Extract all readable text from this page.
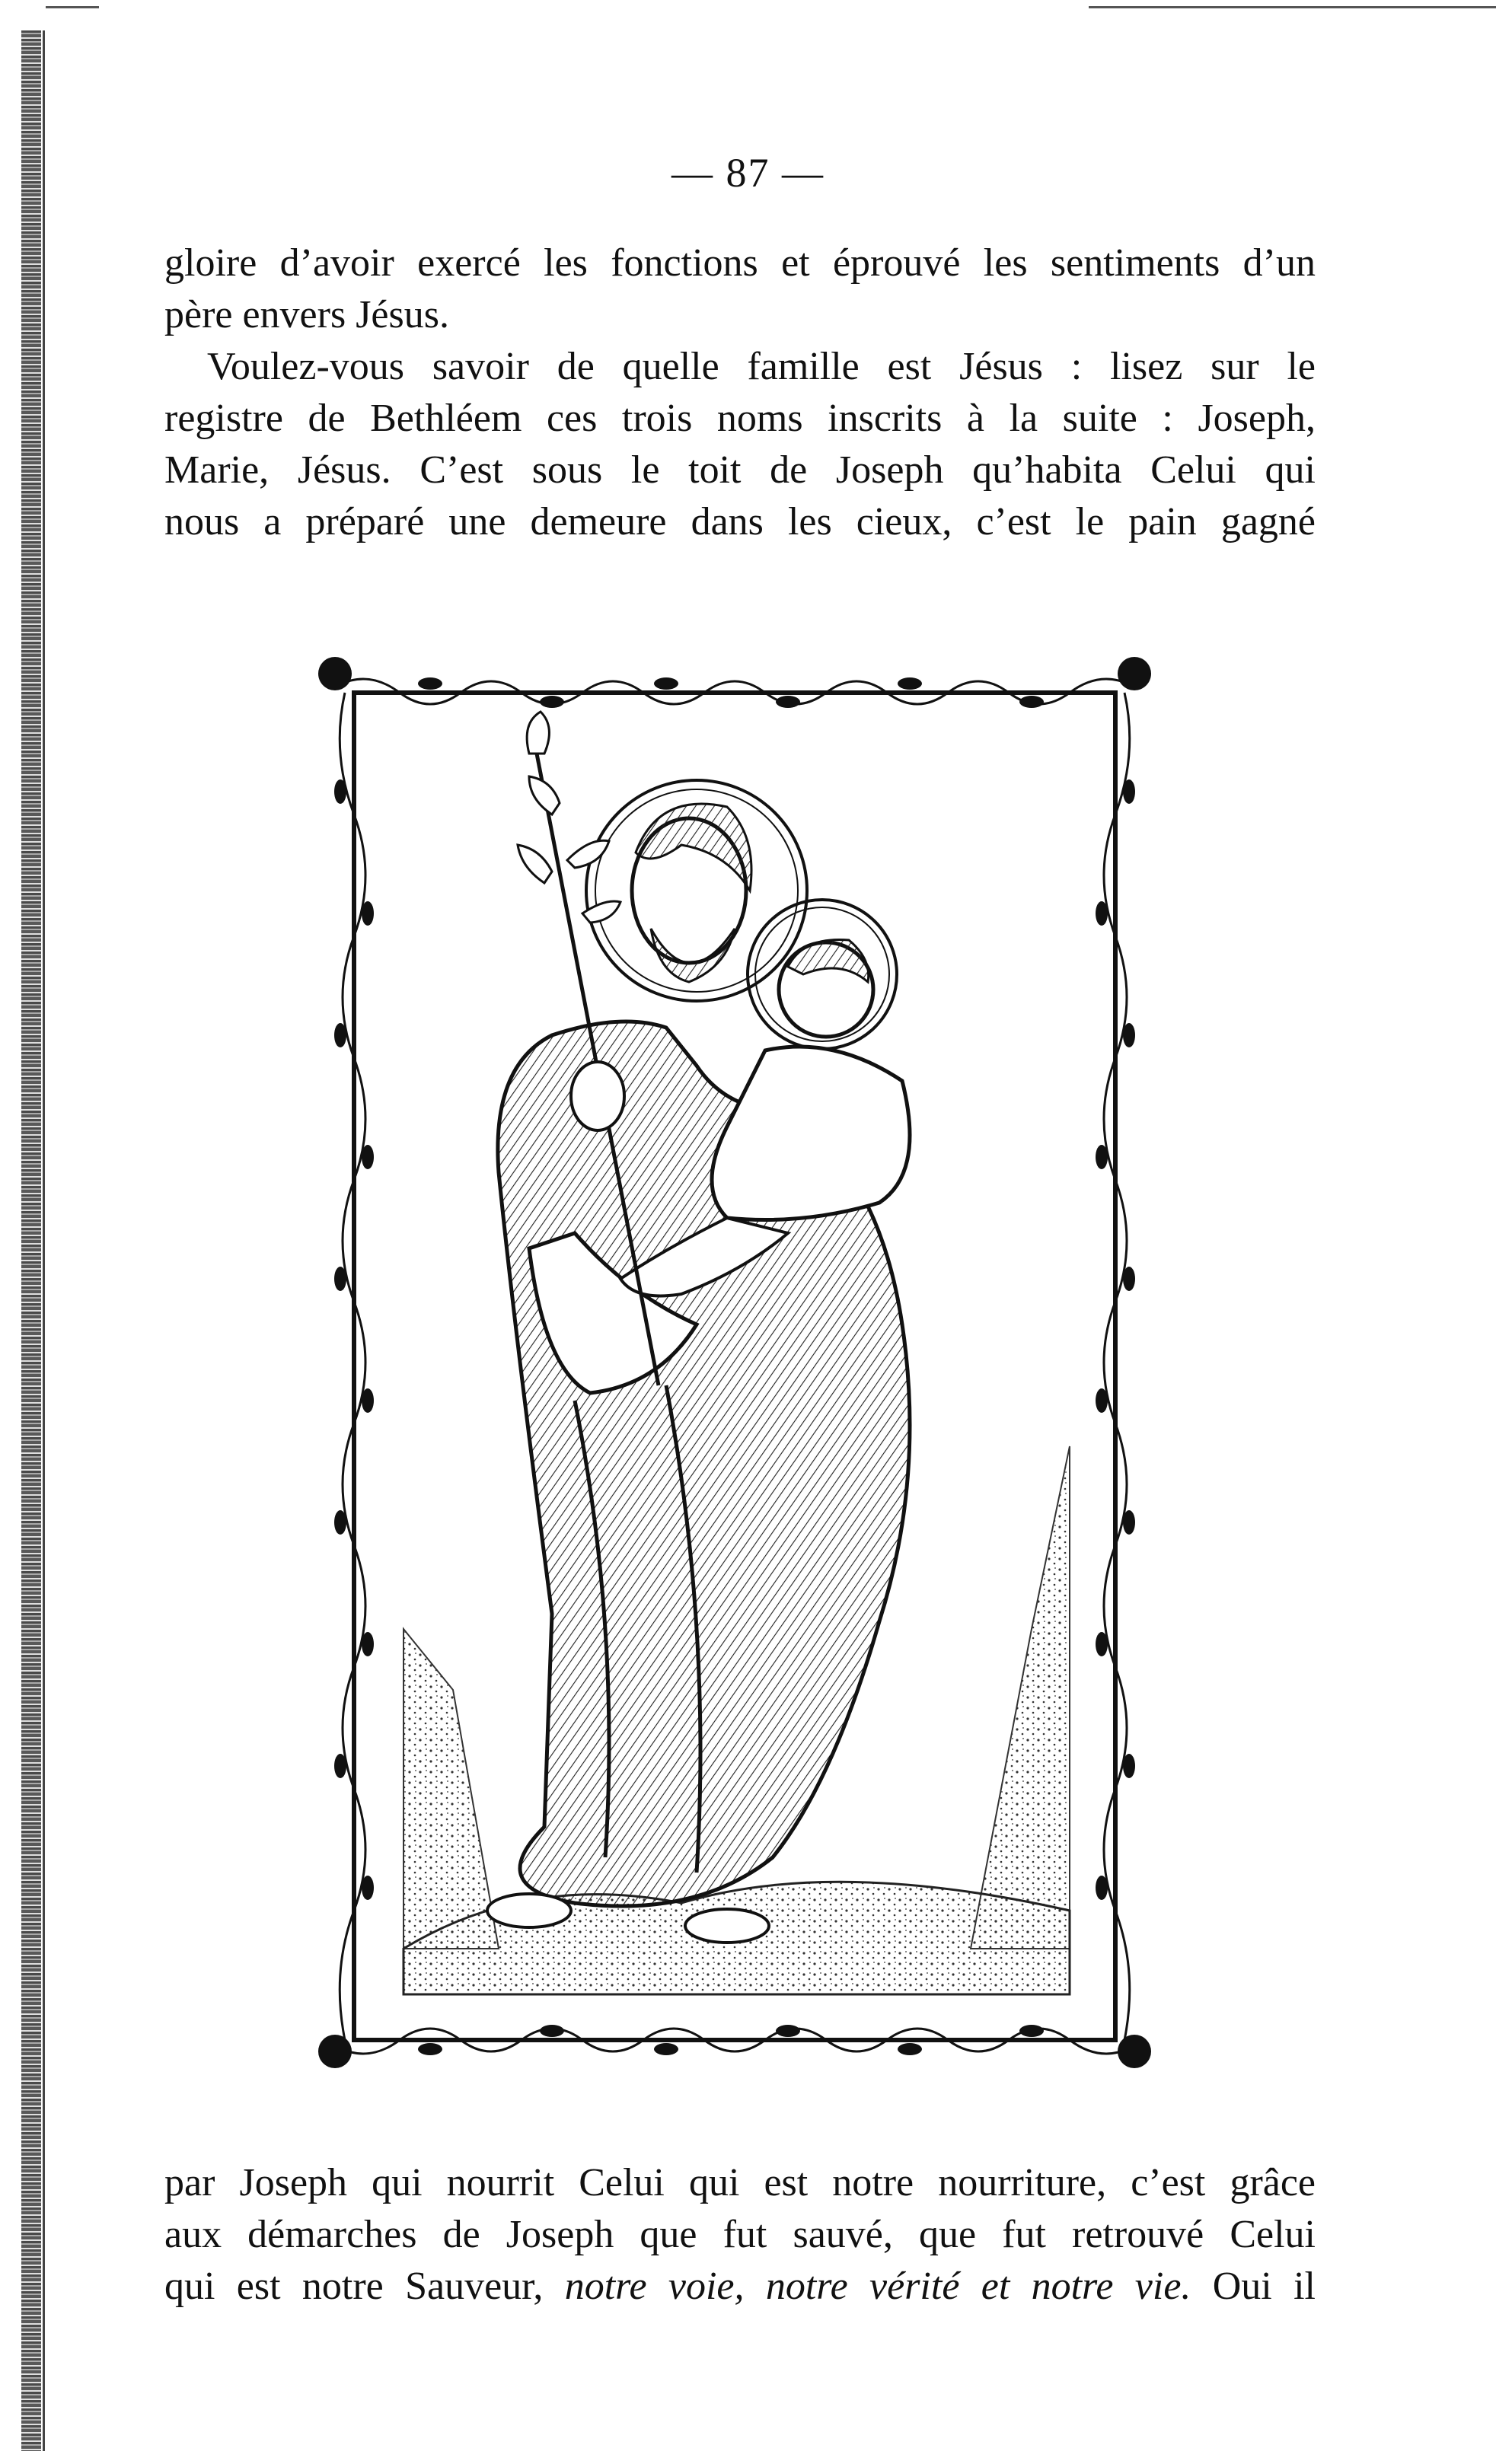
— 87 —
gloire d’avoir exercé les fonctions et éprouvé les sentiments d’un
père envers Jésus.
Voulez-vous savoir de quelle famille est Jésus : lisez sur le
registre de Bethléem ces trois noms inscrits à la suite : Joseph,
Marie, Jésus. C’est sous le toit de Joseph qu’habita Celui qui
nous a préparé une demeure dans les cieux, c’est le pain gagné
par Joseph qui nourrit Celui qui est notre nourriture, c’est grâce
aux démarches de Joseph que fut sauvé, que fut retrouvé Celui
qui est notre Sauveur, notre voie, notre vérité et notre vie. Oui il
